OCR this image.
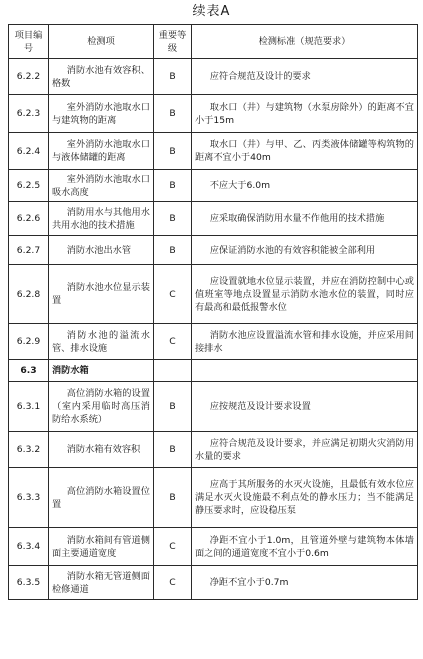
续表A
项目编号	检测项	重要等级	检测标准（规范要求）
6.2.2	消防水池有效容积、格数	B	应符合规范及设计的要求
6.2.3	室外消防水池取水口与建筑物的距离	B	取水口（井）与建筑物（水泵房除外）的距离不宜小于15m
6.2.4	室外消防水池取水口与液体储罐的距离	B	取水口（井）与甲、乙、丙类液体储罐等构筑物的距离不宜小于40m
6.2.5	室外消防水池取水口吸水高度	B	不应大于6.0m
6.2.6	消防用水与其他用水共用水池的技术措施	B	应采取确保消防用水量不作他用的技术措施
6.2.7	消防水池出水管	B	应保证消防水池的有效容积能被全部利用
6.2.8	消防水池水位显示装置	C	应设置就地水位显示装置，并应在消防控制中心或值班室等地点设置显示消防水池水位的装置，同时应有最高和最低报警水位
6.2.9	消防水池的溢流水管、排水设施	C	消防水池应设置溢流水管和排水设施，并应采用间接排水
6.3	消防水箱		
6.3.1	高位消防水箱的设置（室内采用临时高压消防给水系统）	B	应按规范及设计要求设置
6.3.2	消防水箱有效容积	B	应符合规范及设计要求，并应满足初期火灾消防用水量的要求
6.3.3	高位消防水箱设置位置	B	应高于其所服务的水灭火设施，且最低有效水位应满足水灭火设施最不利点处的静水压力；当不能满足静压要求时，应设稳压泵
6.3.4	消防水箱间有管道侧面主要通道宽度	C	净距不宜小于1.0m，且管道外壁与建筑物本体墙面之间的通道宽度不宜小于0.6m
6.3.5	消防水箱无管道侧面检修通道	C	净距不宜小于0.7m
